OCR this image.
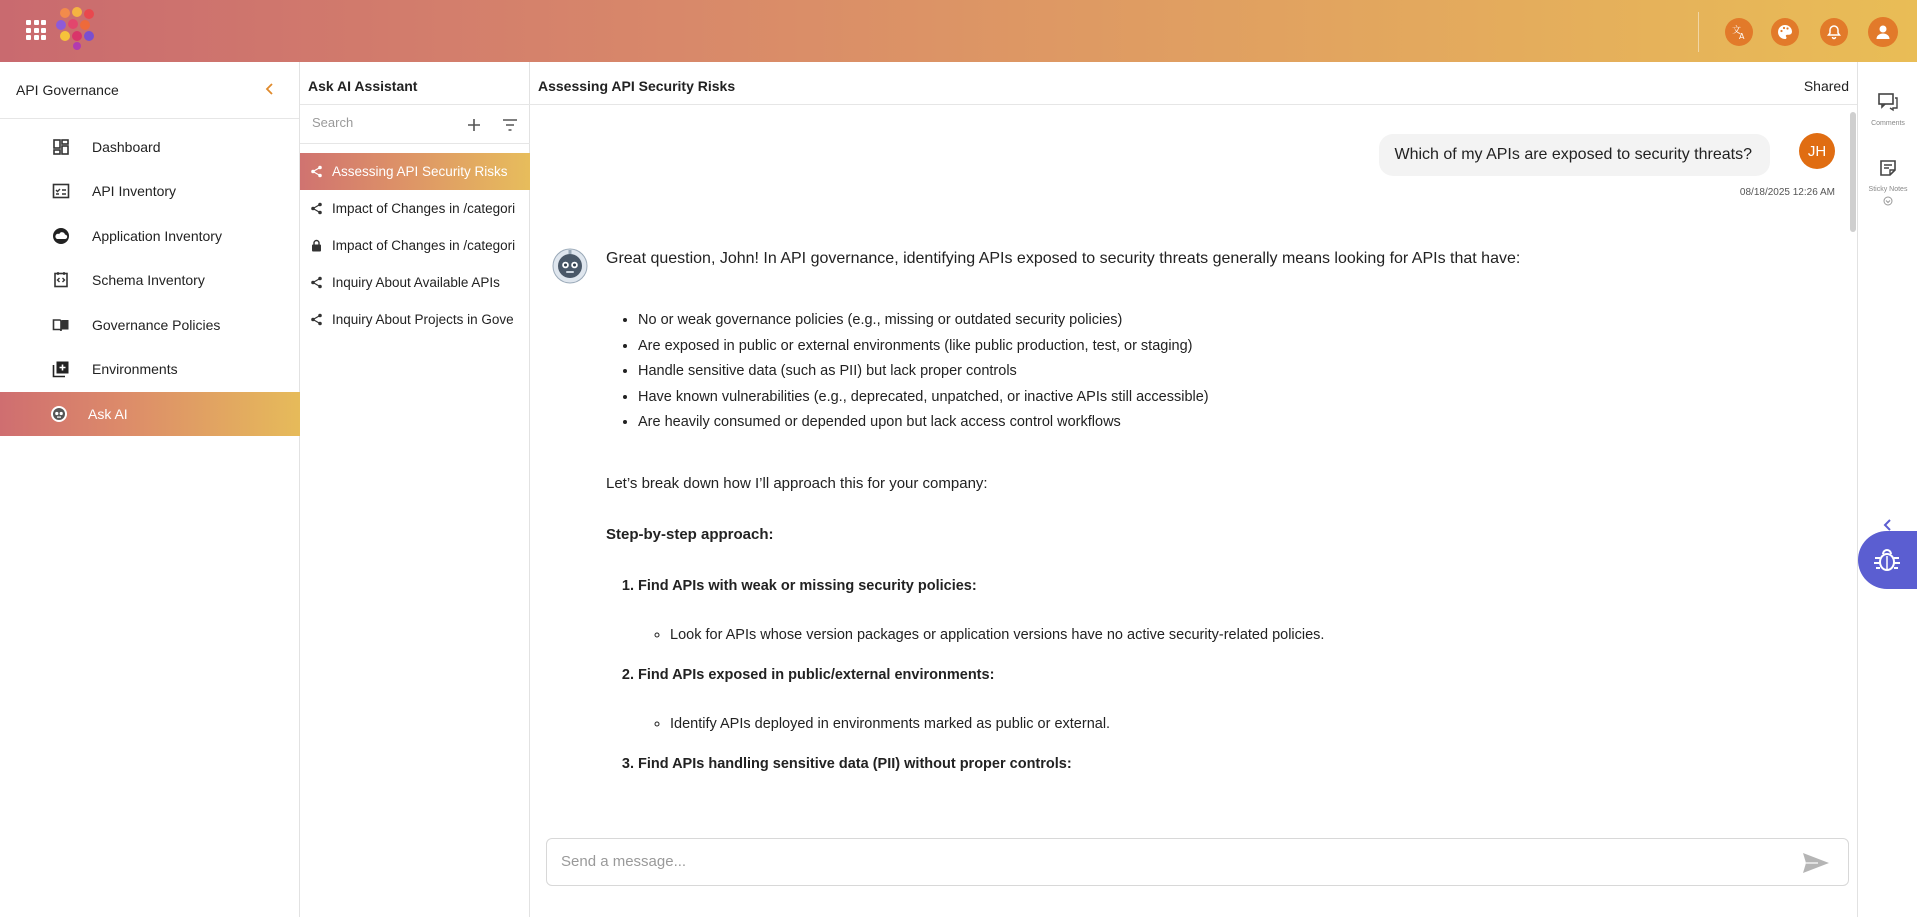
文
A
API Governance
Dashboard
API Inventory
Application Inventory
Schema Inventory
Governance Policies
Environments
Ask AI
Ask AI Assistant
Search
Assessing API Security Risks
Impact of Changes in /categori
Impact of Changes in /categori
Inquiry About Available APIs
Inquiry About Projects in Gove
Assessing API Security Risks	Shared
Which of my APIs are exposed to security threats?	JH
08/18/2025 12:26 AM

Great question, John! In API governance, identifying APIs exposed to security threats generally means looking for APIs that have:

• No or weak governance policies (e.g., missing or outdated security policies)
• Are exposed in public or external environments (like public production, test, or staging)
• Handle sensitive data (such as PII) but lack proper controls
• Have known vulnerabilities (e.g., deprecated, unpatched, or inactive APIs still accessible)
• Are heavily consumed or depended upon but lack access control workflows

Let’s break down how I’ll approach this for your company:

Step-by-step approach:

1. Find APIs with weak or missing security policies:
◦ Look for APIs whose version packages or application versions have no active security-related policies.
2. Find APIs exposed in public/external environments:
◦ Identify APIs deployed in environments marked as public or external.
3. Find APIs handling sensitive data (PII) without proper controls:
Send a message...
Comments
Sticky Notes
